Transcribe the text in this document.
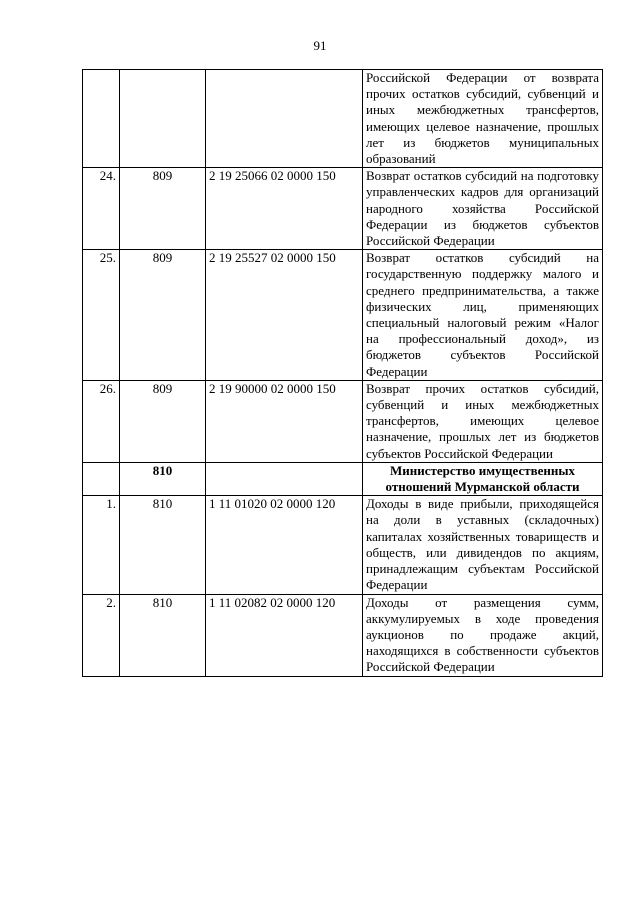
91
			Российской Федерации от возврата прочих остатков субсидий, субвенций и иных межбюджетных трансфертов, имеющих целевое назначение, прошлых лет из бюджетов муниципальных образований
24.	809	2 19 25066 02 0000 150	Возврат остатков субсидий на подготовку управленческих кадров для организаций народного хозяйства Российской Федерации из бюджетов субъектов Российской Федерации
25.	809	2 19 25527 02 0000 150	Возврат остатков субсидий на государственную поддержку малого и среднего предпринимательства, а также физических лиц, применяющих специальный налоговый режим «Налог на профессиональный доход», из бюджетов субъектов Российской Федерации
26.	809	2 19 90000 02 0000 150	Возврат прочих остатков субсидий, субвенций и иных межбюджетных трансфертов, имеющих целевое назначение, прошлых лет из бюджетов субъектов Российской Федерации
	810		Министерство имущественных отношений Мурманской области
1.	810	1 11 01020 02 0000 120	Доходы в виде прибыли, приходящейся на доли в уставных (складочных) капиталах хозяйственных товариществ и обществ, или дивидендов по акциям, принадлежащим субъектам Российской Федерации
2.	810	1 11 02082 02 0000 120	Доходы от размещения сумм, аккумулируемых в ходе проведения аукционов по продаже акций, находящихся в собственности субъектов Российской Федерации
